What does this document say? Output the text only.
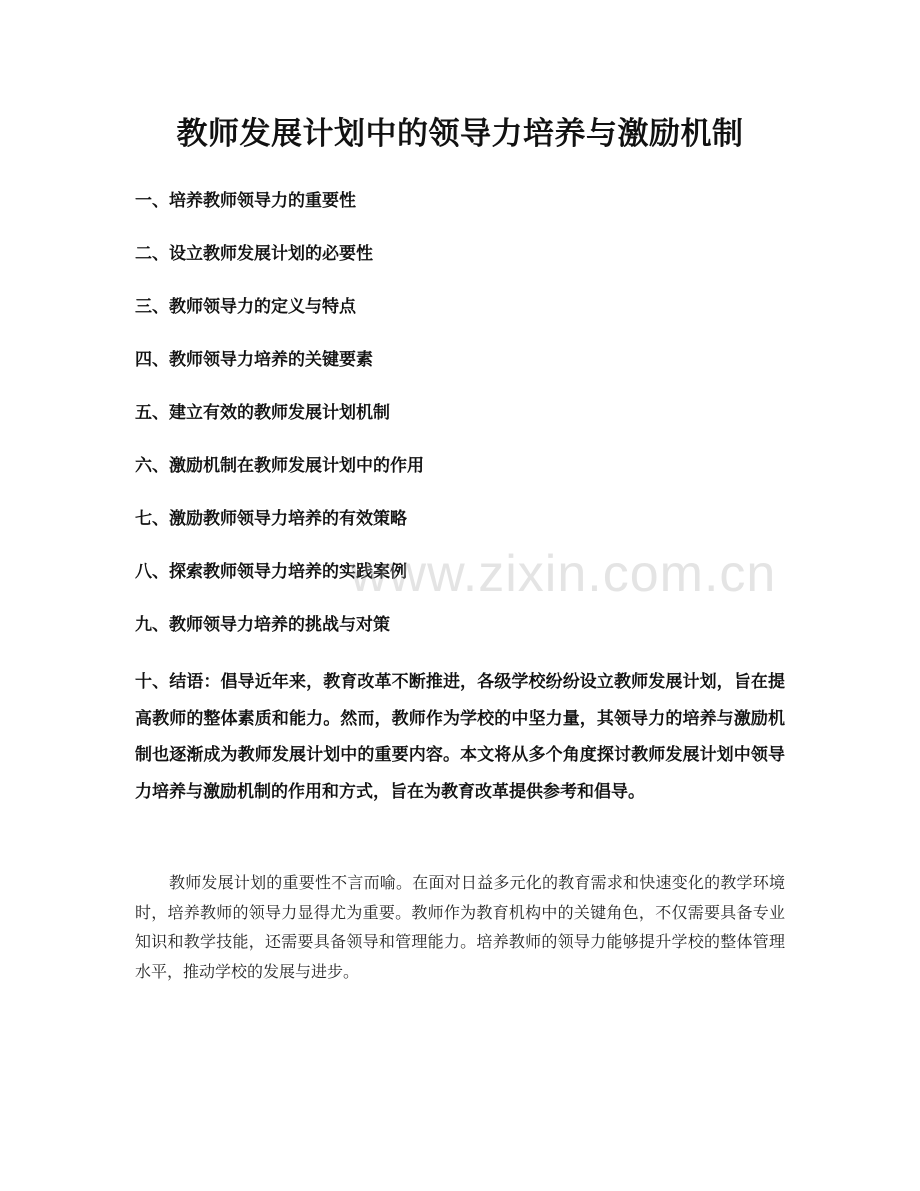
教师发展计划中的领导力培养与激励机制
一、培养教师领导力的重要性
二、设立教师发展计划的必要性
三、教师领导力的定义与特点
四、教师领导力培养的关键要素
五、建立有效的教师发展计划机制
六、激励机制在教师发展计划中的作用
七、激励教师领导力培养的有效策略
八、探索教师领导力培养的实践案例
九、教师领导力培养的挑战与对策
十、结语：倡导近年来，教育改革不断推进，各级学校纷纷设立教师发展计划，旨在提高教师的整体素质和能力。然而，教师作为学校的中坚力量，其领导力的培养与激励机制也逐渐成为教师发展计划中的重要内容。本文将从多个角度探讨教师发展计划中领导力培养与激励机制的作用和方式，旨在为教育改革提供参考和倡导。
教师发展计划的重要性不言而喻。在面对日益多元化的教育需求和快速变化的教学环境时，培养教师的领导力显得尤为重要。教师作为教育机构中的关键角色，不仅需要具备专业知识和教学技能，还需要具备领导和管理能力。培养教师的领导力能够提升学校的整体管理水平，推动学校的发展与进步。
www.zixin.com.cn
